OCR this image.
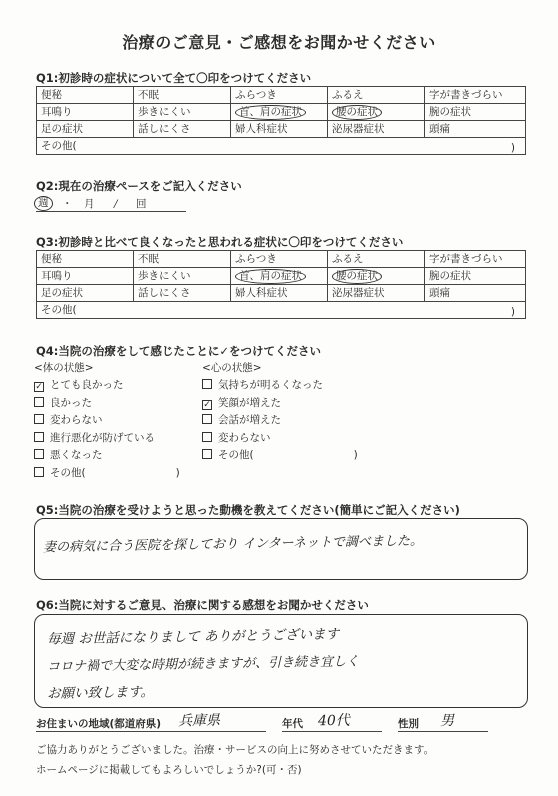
治療のご意見・ご感想をお聞かせください
Q1:初診時の症状について全て〇印をつけてください
便秘	不眠	ふらつき	ふるえ	字が書きづらい
耳鳴り	歩きにくい	首、肩の症状	腰の症状	腕の症状
足の症状	話しにくさ	婦人科症状	泌尿器症状	頭痛
その他( )				
Q2:現在の治療ペースをご記入ください
週	・ 月 / 回
Q3:初診時と比べて良くなったと思われる症状に〇印をつけてください
便秘	不眠	ふらつき	ふるえ	字が書きづらい
耳鳴り	歩きにくい	首、肩の症状	腰の症状	腕の症状
足の症状	話しにくさ	婦人科症状	泌尿器症状	頭痛
その他( )				
Q4:当院の治療をして感じたことに✓をつけてください
<体の状態>
✓ とても良かった
良かった
変わらない
進行悪化が防げている
悪くなった
その他(	)
<心の状態>
気持ちが明るくなった
✓ 笑顔が増えた
会話が増えた
変わらない
その他(	)
Q5:当院の治療を受けようと思った動機を教えてください(簡単にご記入ください)
妻の病気に合う医院を探しており インターネットで調べました。
Q6:当院に対するご意見、治療に関する感想をお聞かせください
毎週 お世話になりまして ありがとうございます
コロナ禍で大変な時期が続きますが、引き続き宜しく
お願い致します。
お住まいの地域(都道府県) 兵庫県	年代 40代	性別 男
ご協力ありがとうございました。治療・サービスの向上に努めさせていただきます。
ホームページに掲載してもよろしいでしょうか?(可・否)
